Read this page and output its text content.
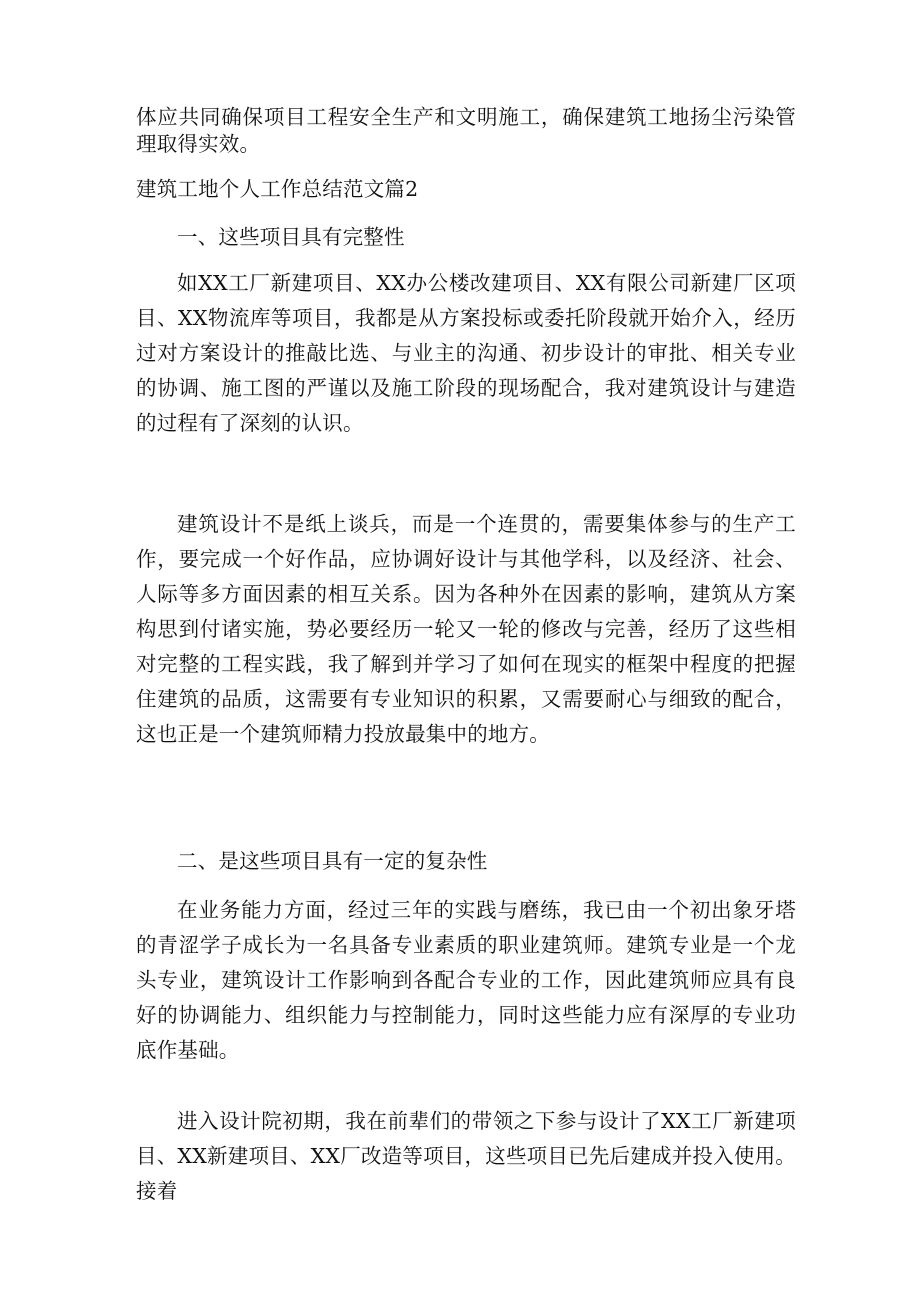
体应共同确保项目工程安全生产和文明施工，确保建筑工地扬尘污染管理取得实效。

建筑工地个人工作总结范文篇2

一、这些项目具有完整性

如XX工厂新建项目、XX办公楼改建项目、XX有限公司新建厂区项目、XX物流库等项目，我都是从方案投标或委托阶段就开始介入，经历过对方案设计的推敲比选、与业主的沟通、初步设计的审批、相关专业的协调、施工图的严谨以及施工阶段的现场配合，我对建筑设计与建造的过程有了深刻的认识。

建筑设计不是纸上谈兵，而是一个连贯的，需要集体参与的生产工作，要完成一个好作品，应协调好设计与其他学科，以及经济、社会、人际等多方面因素的相互关系。因为各种外在因素的影响，建筑从方案构思到付诸实施，势必要经历一轮又一轮的修改与完善，经历了这些相对完整的工程实践，我了解到并学习了如何在现实的框架中程度的把握住建筑的品质，这需要有专业知识的积累，又需要耐心与细致的配合，这也正是一个建筑师精力投放最集中的地方。

二、是这些项目具有一定的复杂性

在业务能力方面，经过三年的实践与磨练，我已由一个初出象牙塔的青涩学子成长为一名具备专业素质的职业建筑师。建筑专业是一个龙头专业，建筑设计工作影响到各配合专业的工作，因此建筑师应具有良好的协调能力、组织能力与控制能力，同时这些能力应有深厚的专业功底作基础。

进入设计院初期，我在前辈们的带领之下参与设计了XX工厂新建项目、XX新建项目、XX厂改造等项目，这些项目已先后建成并投入使用。接着
